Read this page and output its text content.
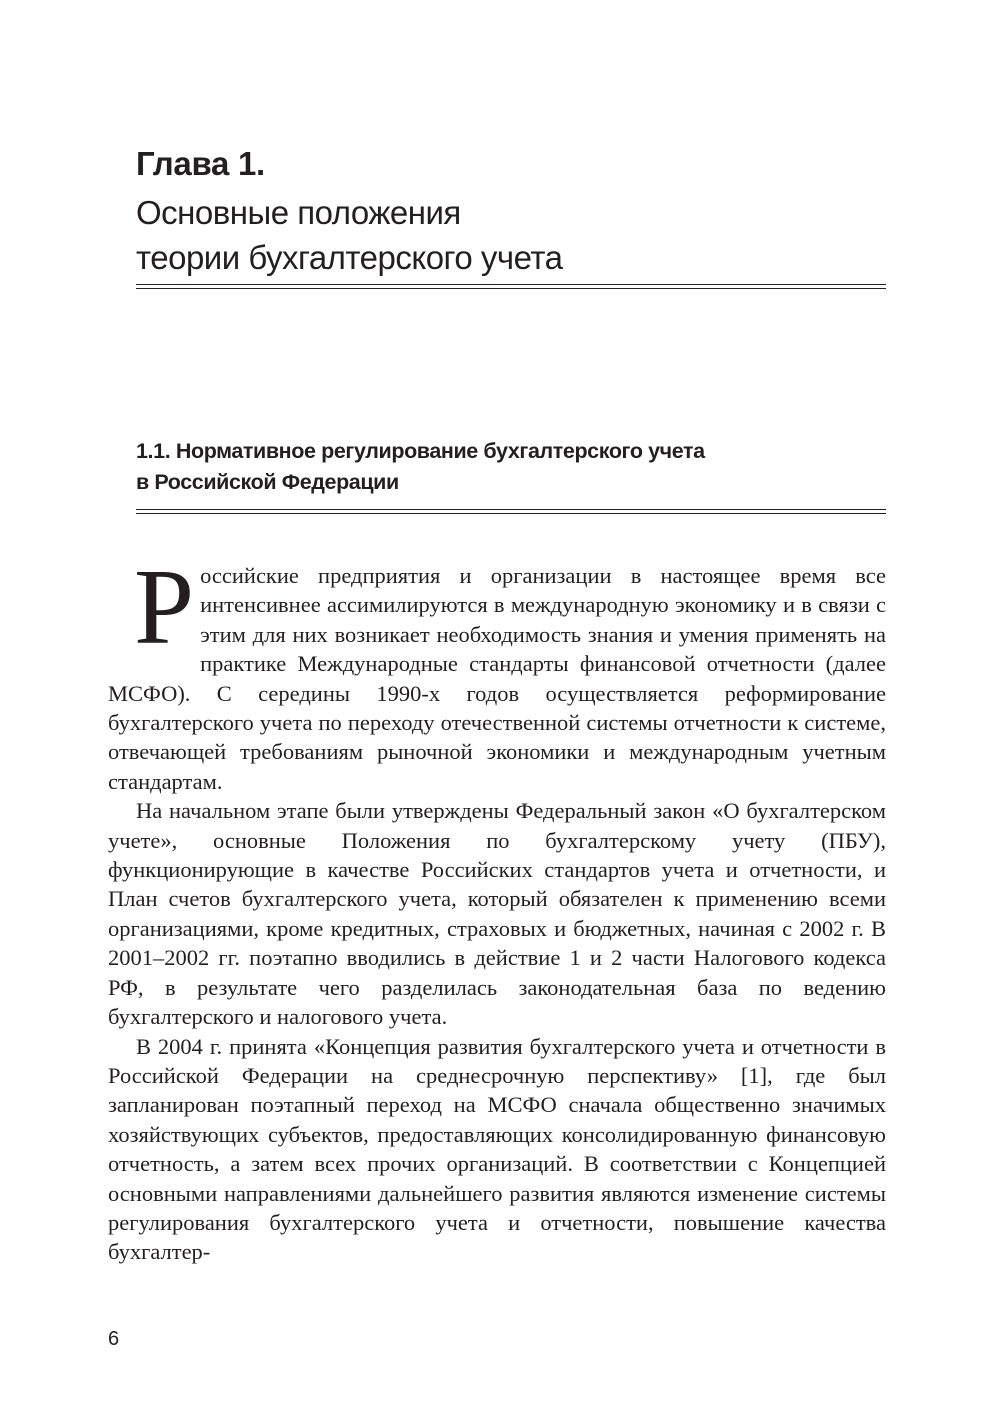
Глава 1.
Основные положения
теории бухгалтерского учета
1.1. Нормативное регулирование бухгалтерского учета
в Российской Федерации

Российские предприятия и организации в настоящее время все интенсивнее ассимилируются в международную экономику и в связи с этим для них возникает необходимость знания и умения применять на практике Международные стандарты финансовой отчетности (далее МСФО). С середины 1990-х годов осуществляется реформирование бухгалтерского учета по переходу отечественной системы отчетности к системе, отвечающей требованиям рыночной экономики и международным учетным стандартам.

На начальном этапе были утверждены Федеральный закон «О бухгалтерском учете», основные Положения по бухгалтерскому учету (ПБУ), функционирующие в качестве Российских стандартов учета и отчетности, и План счетов бухгалтерского учета, который обязателен к применению всеми организациями, кроме кредитных, страховых и бюджетных, начиная с 2002 г. В 2001–2002 гг. поэтапно вводились в действие 1 и 2 части Налогового кодекса РФ, в результате чего разделилась законодательная база по ведению бухгалтерского и налогового учета.

В 2004 г. принята «Концепция развития бухгалтерского учета и отчетности в Российской Федерации на среднесрочную перспективу» [1], где был запланирован поэтапный переход на МСФО сначала общественно значимых хозяйствующих субъектов, предоставляющих консолидированную финансовую отчетность, а затем всех прочих организаций. В соответствии с Концепцией основными направлениями дальнейшего развития являются изменение системы регулирования бухгалтерского учета и отчетности, повышение качества бухгалтер-

6
